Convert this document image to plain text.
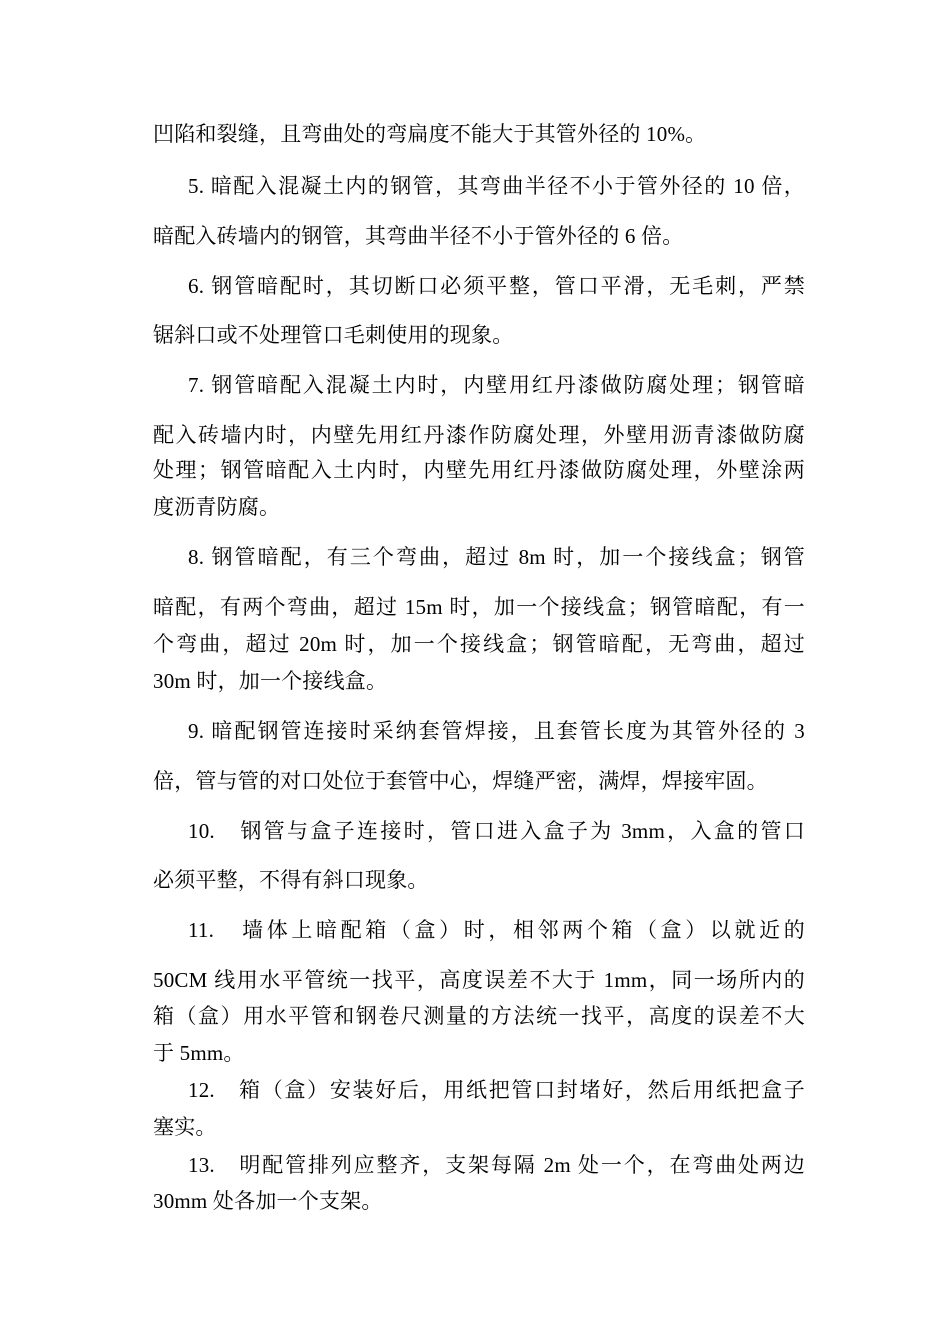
凹陷和裂缝，且弯曲处的弯扁度不能大于其管外径的 10%。
5. 暗配入混凝土内的钢管，其弯曲半径不小于管外径的 10 倍，
暗配入砖墙内的钢管，其弯曲半径不小于管外径的 6 倍。
6. 钢管暗配时，其切断口必须平整，管口平滑，无毛刺，严禁
锯斜口或不处理管口毛刺使用的现象。
7. 钢管暗配入混凝土内时，内壁用红丹漆做防腐处理；钢管暗
配入砖墙内时，内壁先用红丹漆作防腐处理，外壁用沥青漆做防腐
处理；钢管暗配入土内时，内壁先用红丹漆做防腐处理，外壁涂两
度沥青防腐。
8. 钢管暗配，有三个弯曲，超过 8m 时，加一个接线盒；钢管
暗配，有两个弯曲，超过 15m 时，加一个接线盒；钢管暗配，有一
个弯曲，超过 20m 时，加一个接线盒；钢管暗配，无弯曲，超过
30m 时，加一个接线盒。
9. 暗配钢管连接时采纳套管焊接，且套管长度为其管外径的 3
倍，管与管的对口处位于套管中心，焊缝严密，满焊，焊接牢固。
10.　钢管与盒子连接时，管口进入盒子为 3mm，入盒的管口
必须平整，不得有斜口现象。
11.　墙体上暗配箱（盒）时，相邻两个箱（盒）以就近的
50CM 线用水平管统一找平，高度误差不大于 1mm，同一场所内的
箱（盒）用水平管和钢卷尺测量的方法统一找平，高度的误差不大
于 5mm。
12.　箱（盒）安装好后，用纸把管口封堵好，然后用纸把盒子
塞实。
13.　明配管排列应整齐，支架每隔 2m 处一个，在弯曲处两边
30mm 处各加一个支架。
